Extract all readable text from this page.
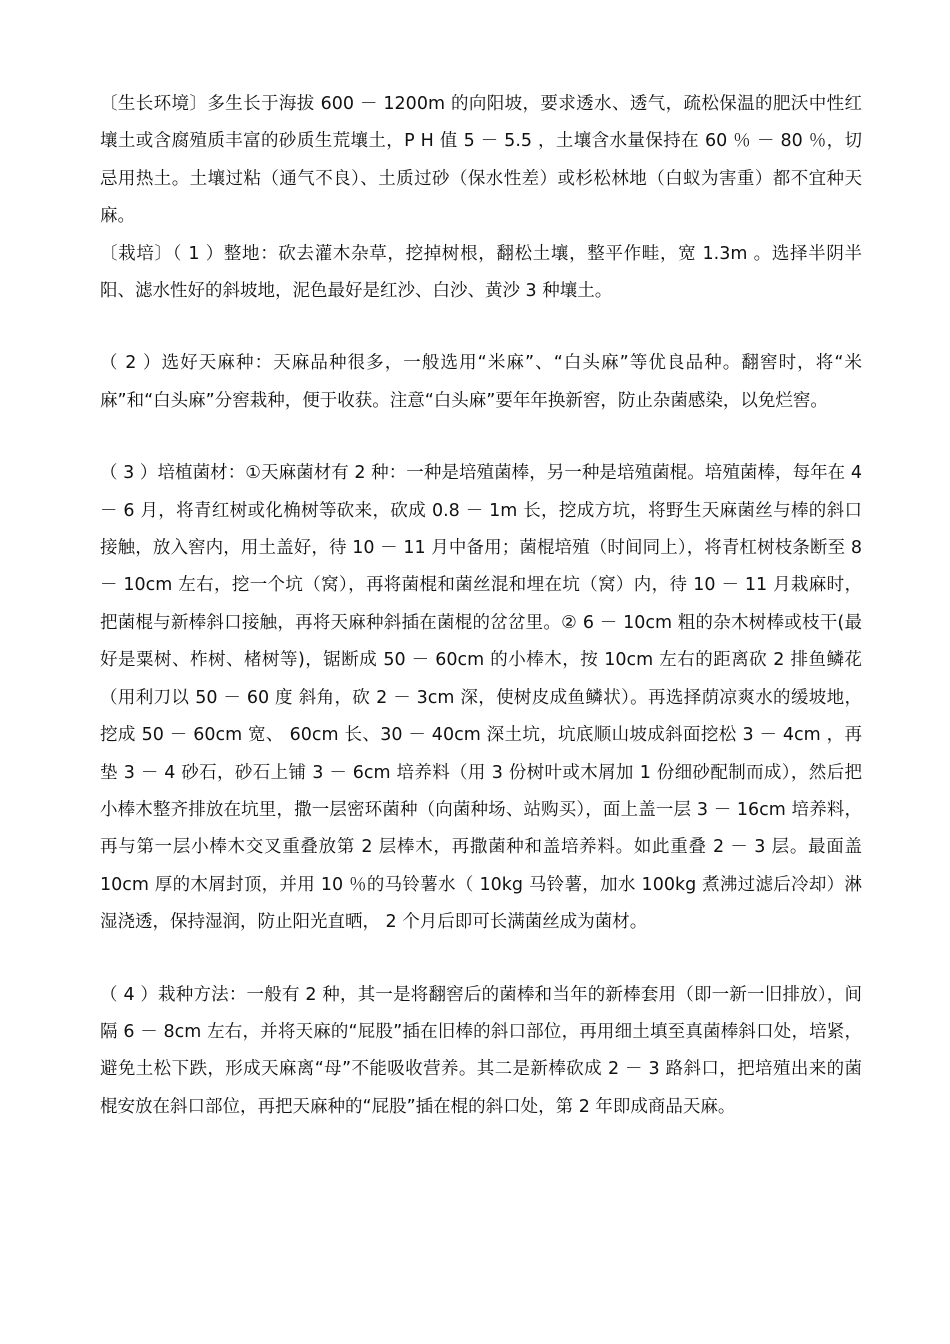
〔生长环境〕多生长于海拔 600 － 1200m 的向阳坡，要求透水、透气，疏松保温的肥沃中性红壤土或含腐殖质丰富的砂质生荒壤土，P H 值 5 － 5.5 ，土壤含水量保持在 60 ％ － 80 ％，切忌用热土。土壤过粘（通气不良）、土质过砂（保水性差）或杉松林地（白蚁为害重）都不宜种天麻。

〔栽培〕（ 1 ）整地：砍去灌木杂草，挖掉树根，翻松土壤，整平作畦，宽 1.3m 。选择半阴半阳、滤水性好的斜坡地，泥色最好是红沙、白沙、黄沙 3 种壤土。

（ 2 ）选好天麻种：天麻品种很多，一般选用“米麻”、“白头麻”等优良品种。翻窖时，将“米麻”和“白头麻”分窖栽种，便于收获。注意“白头麻”要年年换新窖，防止杂菌感染，以免烂窖。

（ 3 ）培植菌材：①天麻菌材有 2 种：一种是培殖菌棒，另一种是培殖菌棍。培殖菌棒，每年在 4 － 6 月，将青红树或化桷树等砍来，砍成 0.8 － 1m 长，挖成方坑，将野生天麻菌丝与棒的斜口接触，放入窖内，用土盖好，待 10 － 11 月中备用；菌棍培殖（时间同上），将青杠树枝条断至 8 － 10cm 左右，挖一个坑（窝），再将菌棍和菌丝混和埋在坑（窝）内，待 10 － 11 月栽麻时，把菌棍与新棒斜口接触，再将天麻种斜插在菌棍的岔岔里。② 6 － 10cm 粗的杂木树棒或枝干(最好是粟树、柞树、楮树等)，锯断成 50 － 60cm 的小棒木，按 10cm 左右的距离砍 2 排鱼鳞花（用利刀以 50 － 60 度 斜角，砍 2 － 3cm 深，使树皮成鱼鳞状）。再选择荫凉爽水的缓坡地，挖成 50 － 60cm 宽、 60cm 长、30 － 40cm 深土坑，坑底顺山坡成斜面挖松 3 － 4cm ，再垫 3 － 4 砂石，砂石上铺 3 － 6cm 培养料（用 3 份树叶或木屑加 1 份细砂配制而成），然后把小棒木整齐排放在坑里，撒一层密环菌种（向菌种场、站购买），面上盖一层 3 － 16cm 培养料，再与第一层小棒木交叉重叠放第 2 层棒木，再撒菌种和盖培养料。如此重叠 2 － 3 层。最面盖 10cm 厚的木屑封顶，并用 10 ％的马铃薯水（ 10kg 马铃薯，加水 100kg 煮沸过滤后冷却）淋湿浇透，保持湿润，防止阳光直晒， 2 个月后即可长满菌丝成为菌材。

（ 4 ）栽种方法：一般有 2 种，其一是将翻窖后的菌棒和当年的新棒套用（即一新一旧排放），间隔 6 － 8cm 左右，并将天麻的“屁股”插在旧棒的斜口部位，再用细土填至真菌棒斜口处，培紧，避免土松下跌，形成天麻离“母”不能吸收营养。其二是新棒砍成 2 － 3 路斜口，把培殖出来的菌棍安放在斜口部位，再把天麻种的“屁股”插在棍的斜口处，第 2 年即成商品天麻。
